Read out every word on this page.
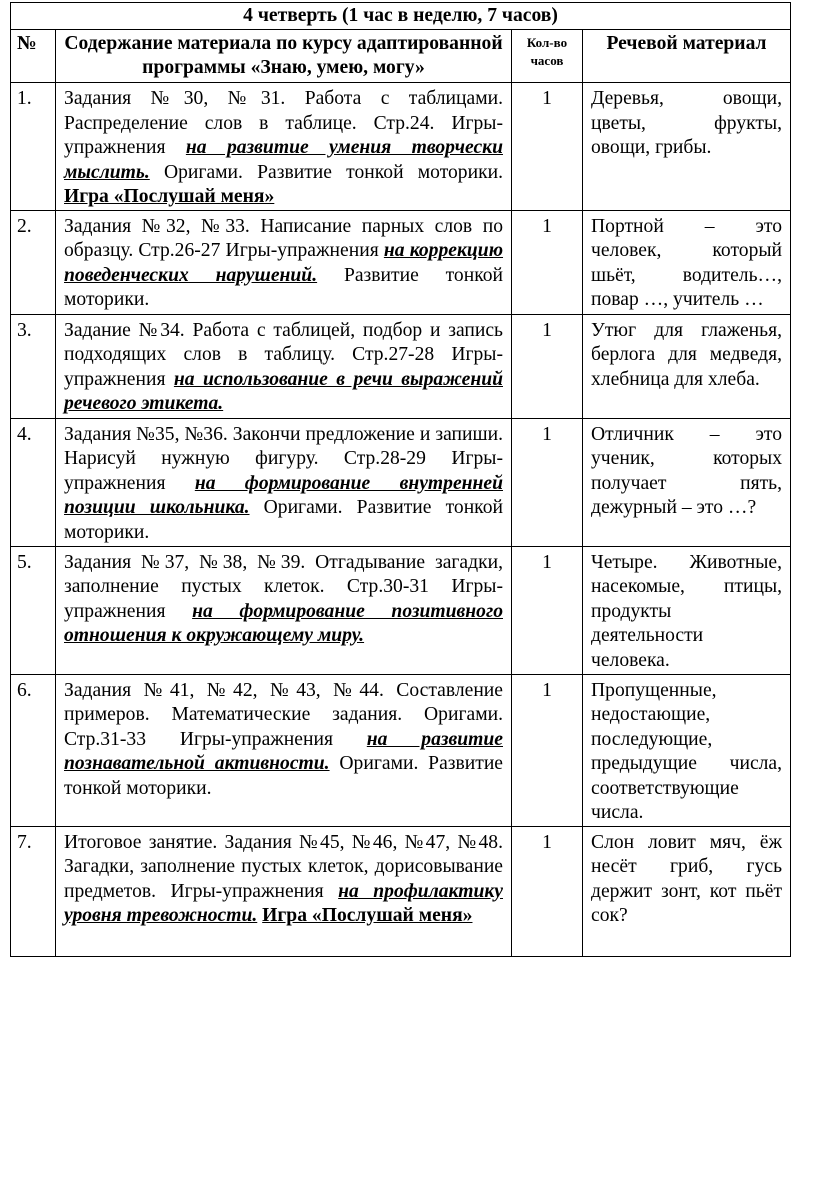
4 четверть (1 час в неделю, 7 часов)			
№	Содержание материала по курсу адаптированной программы «Знаю, умею, могу»	Кол-во часов	Речевой материал
1.	Задания №30, №31. Работа с таблицами. Распределение слов в таблице. Стр.24. Игры-упражнения на развитие умения творчески мыслить. Оригами. Развитие тонкой моторики. Игра «Послушай меня»	1	Деревья, овощи, цветы, фрукты, овощи, грибы.
2.	Задания №32, №33. Написание парных слов по образцу. Стр.26-27 Игры-упражнения на коррекцию поведенческих нарушений. Развитие тонкой моторики.	1	Портной – это человек, который шьёт, водитель…, повар …, учитель …
3.	Задание №34. Работа с таблицей, подбор и запись подходящих слов в таблицу. Стр.27-28 Игры-упражнения на использование в речи выражений речевого этикета.	1	Утюг для глаженья, берлога для медведя, хлебница для хлеба.
4.	Задания №35, №36. Закончи предложение и запиши. Нарисуй нужную фигуру. Стр.28-29 Игры-упражнения на формирование внутренней позиции школьника. Оригами. Развитие тонкой моторики.	1	Отличник – это ученик, которых получает пять, дежурный – это …?
5.	Задания №37, №38, №39. Отгадывание загадки, заполнение пустых клеток. Стр.30-31 Игры-упражнения на формирование позитивного отношения к окружающему миру.	1	Четыре. Животные, насекомые, птицы, продукты деятельности человека.
6.	Задания №41, №42, №43, №44. Составление примеров. Математические задания. Оригами. Стр.31-33 Игры-упражнения на развитие познавательной активности. Оригами. Развитие тонкой моторики.	1	Пропущенные, недостающие, последующие, предыдущие числа, соответствующие числа.
7.	Итоговое занятие. Задания №45, №46, №47, №48. Загадки, заполнение пустых клеток, дорисовывание предметов. Игры-упражнения на профилактику уровня тревожности. Игра «Послушай меня»	1	Слон ловит мяч, ёж несёт гриб, гусь держит зонт, кот пьёт сок?
